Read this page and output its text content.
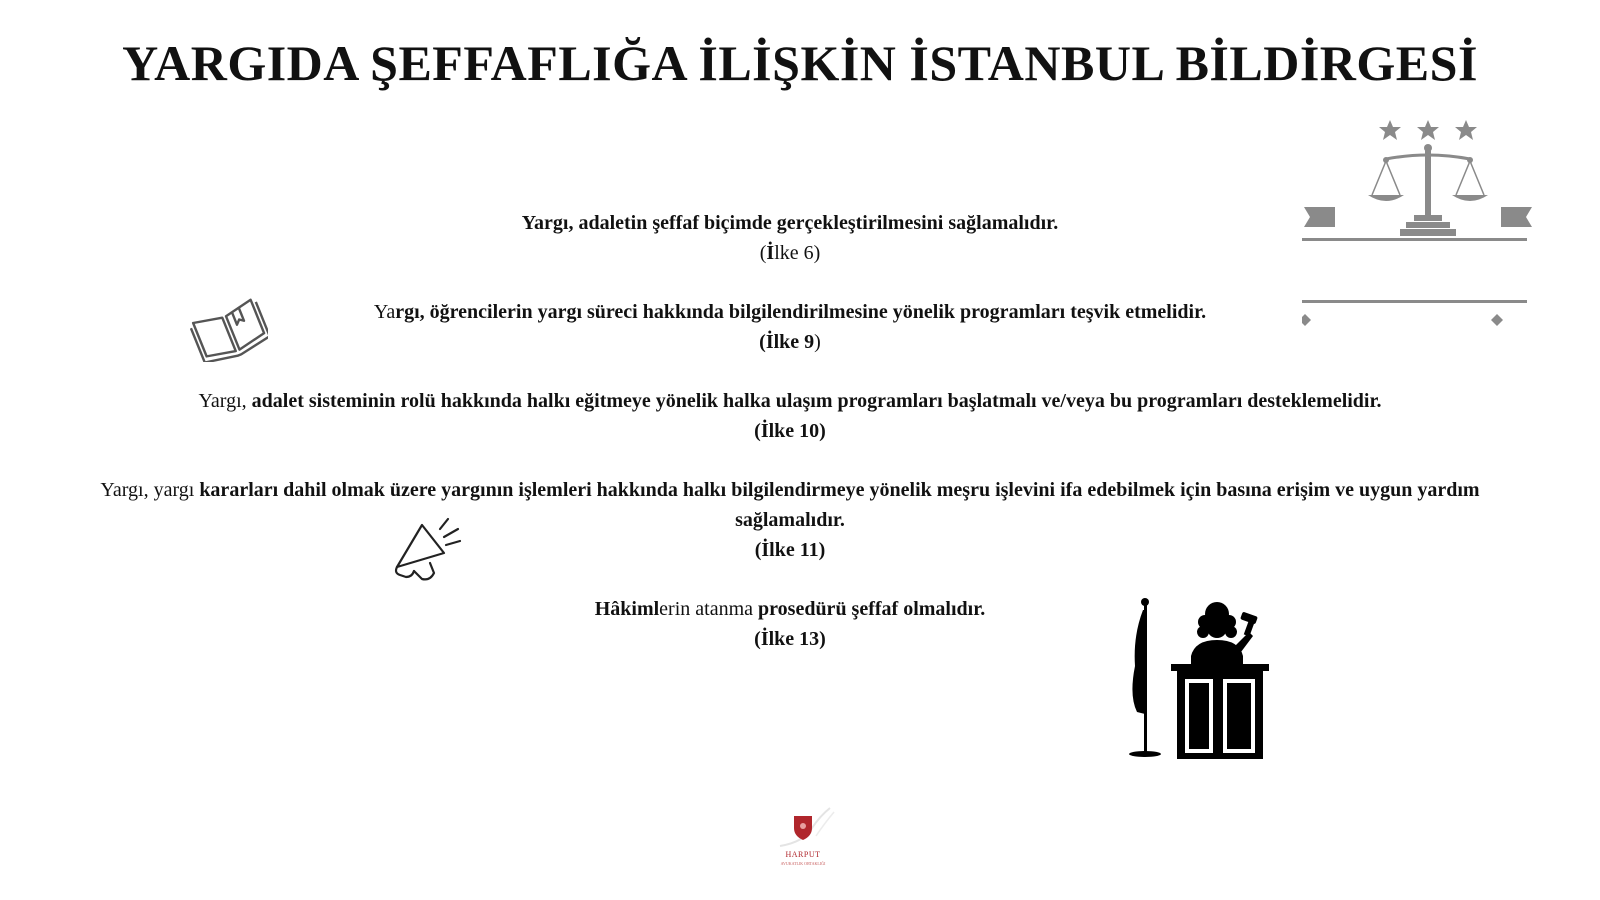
YARGIDA ŞEFFAFLIĞA İLİŞKİN İSTANBUL BİLDİRGESİ
Yargı, adaletin şeffaf biçimde gerçekleştirilmesini sağlamalıdır.
(İlke 6)
Yargı, öğrencilerin yargı süreci hakkında bilgilendirilmesine yönelik programları teşvik etmelidir.
(İlke 9)
Yargı, adalet sisteminin rolü hakkında halkı eğitmeye yönelik halka ulaşım programları başlatmalı ve/veya bu programları desteklemelidir.
(İlke 10)
Yargı, yargı kararları dahil olmak üzere yargının işlemleri hakkında halkı bilgilendirmeye yönelik meşru işlevini ifa edebilmek için basına erişim ve uygun yardım sağlamalıdır.
(İlke 11)
Hâkimlerin atanma prosedürü şeffaf olmalıdır.
(İlke 13)
HARPUT
AVUKATLIK ORTAKLIĞI
